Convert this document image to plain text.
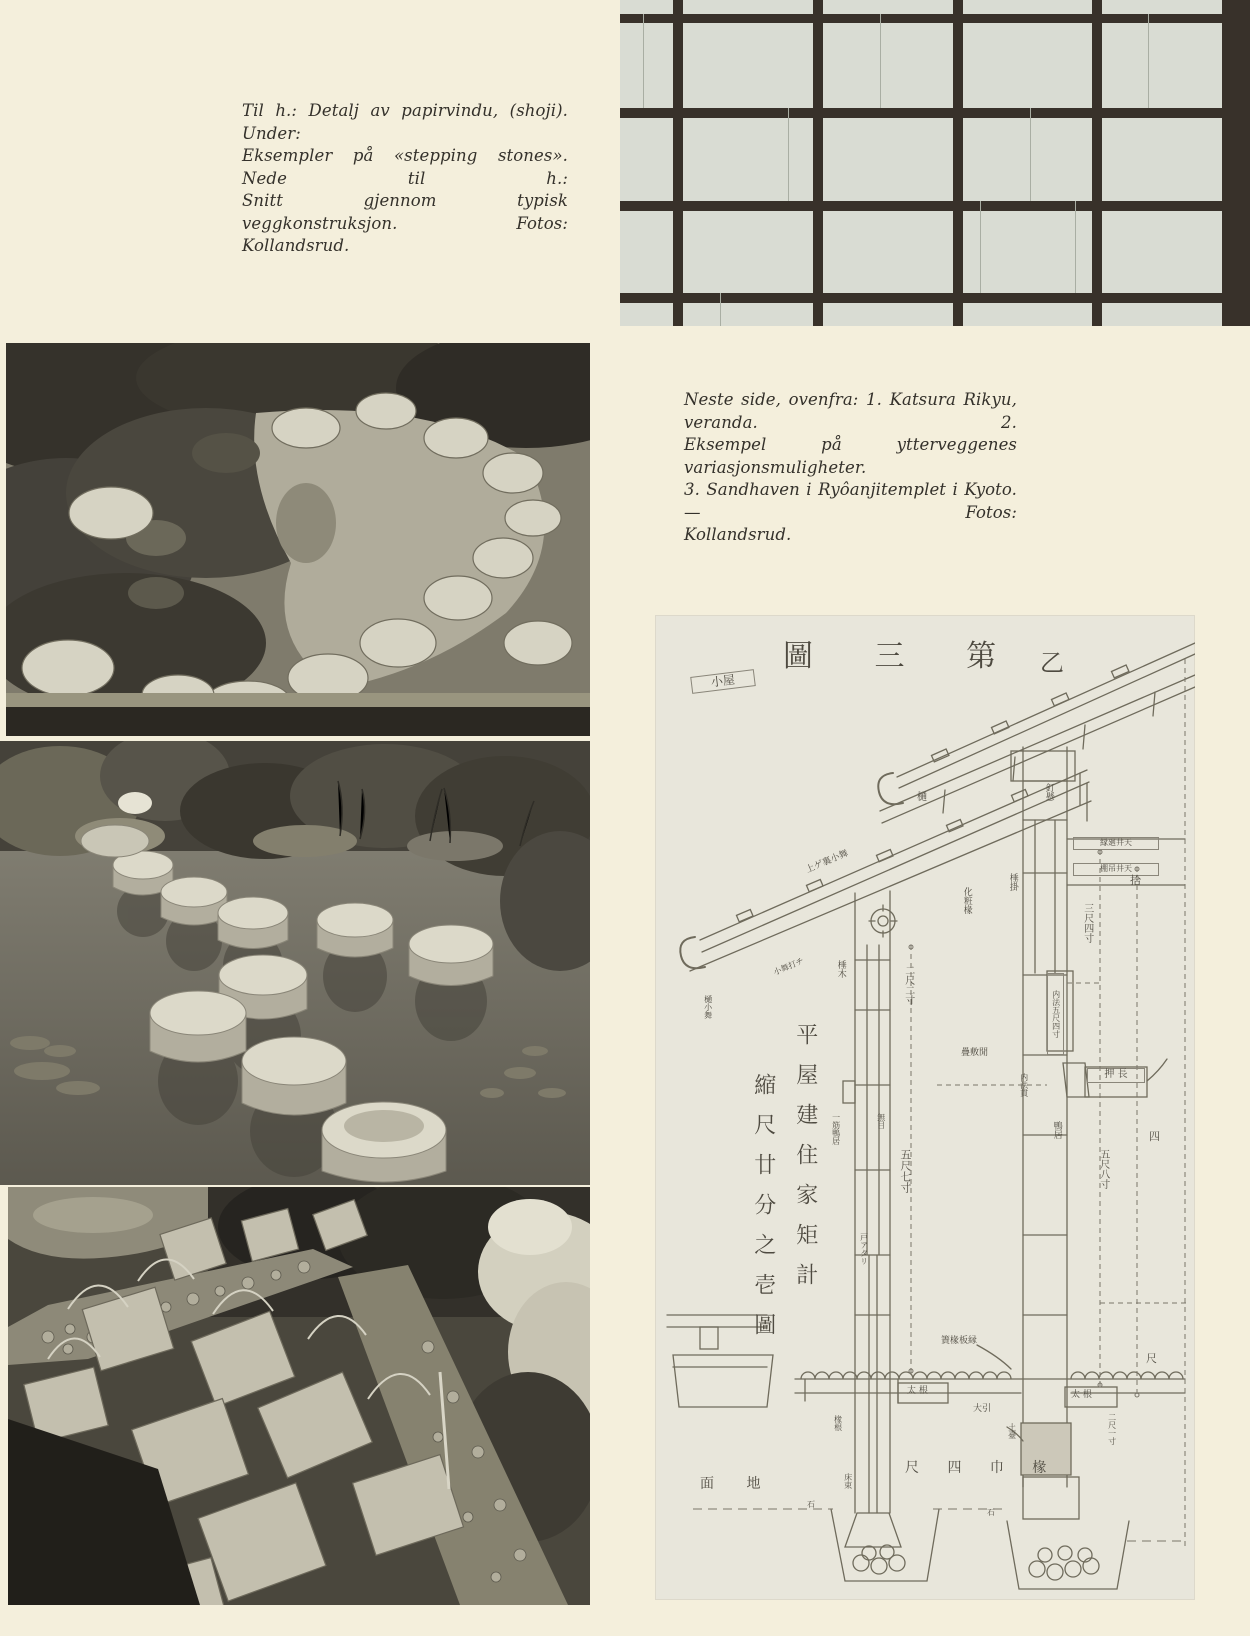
Til h.: Detalj av papirvindu, (shoji). Under:
Eksempler på «stepping stones». Nede til h.:
Snitt gjennom typisk veggkonstruksjon. Fotos:
Kollandsrud.
Neste side, ovenfra: 1. Katsura Rikyu, veranda. 2.
Eksempel på ytterveggenes variasjonsmuligheter.
3. Sandhaven i Ryôanjitemplet i Kyoto. — Fotos:
Kollandsrud.
圖 三 第 乙
小屋
樋	釘懸
上ゲ裏小舞
小舞打チ	棰木
化粧椽
棰掛
縁廻井天
棚吊井天
内法五尺四寸
押 長
樋小舞
一筋鴨居	無目
戸アタリ
二尺二寸
五尺七寸
疊敷閒
内法貫
鴨居
三尺四寸
五尺八寸
拾
四
尺
平屋建住家矩計
縮尺廿分之壱圖	簀椽板縁
大引
太 根	太 根
椽根
床束
土臺	二尺一寸
尺 四 巾 椽
面 地
石
石
